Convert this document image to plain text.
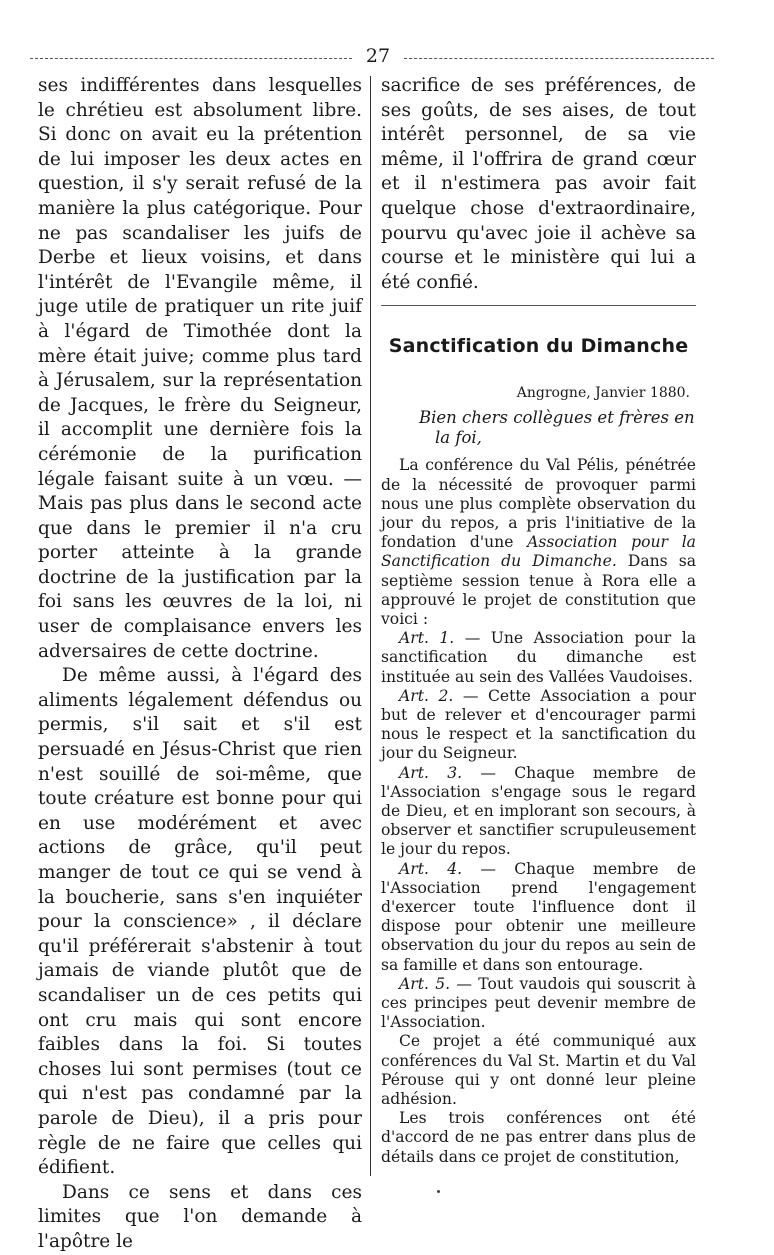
27

ses indifférentes dans lesquelles le chrétieu est absolument libre. Si donc on avait eu la prétention de lui imposer les deux actes en question, il s'y serait refusé de la manière la plus catégorique. Pour ne pas scandaliser les juifs de Derbe et lieux voisins, et dans l'intérêt de l'Evangile même, il juge utile de pratiquer un rite juif à l'égard de Timothée dont la mère était juive; comme plus tard à Jérusalem, sur la représentation de Jacques, le frère du Seigneur, il accomplit une dernière fois la cérémonie de la purification légale faisant suite à un vœu. — Mais pas plus dans le second acte que dans le premier il n'a cru porter atteinte à la grande doctrine de la justification par la foi sans les œuvres de la loi, ni user de complaisance envers les adversaires de cette doctrine.

De même aussi, à l'égard des aliments légalement défendus ou permis, s'il sait et s'il est persuadé en Jésus-Christ que rien n'est souillé de soi-même, que toute créature est bonne pour qui en use modérément et avec actions de grâce, qu'il peut manger de tout ce qui se vend à la boucherie, sans s'en inquiéter pour la conscience» , il déclare qu'il préférerait s'abstenir à tout jamais de viande plutôt que de scandaliser un de ces petits qui ont cru mais qui sont encore faibles dans la foi. Si toutes choses lui sont permises (tout ce qui n'est pas condamné par la parole de Dieu), il a pris pour règle de ne faire que celles qui édifient.

Dans ce sens et dans ces limites que l'on demande à l'apôtre le

sacrifice de ses préférences, de ses goûts, de ses aises, de tout intérêt personnel, de sa vie même, il l'offrira de grand cœur et il n'estimera pas avoir fait quelque chose d'extraordinaire, pourvu qu'avec joie il achève sa course et le ministère qui lui a été confié.
Sanctification du Dimanche
Angrogne, Janvier 1880.
Bien chers collègues et frères en
la foi,

La conférence du Val Pélis, pénétrée de la nécessité de provoquer parmi nous une plus complète observation du jour du repos, a pris l'initiative de la fondation d'une Association pour la Sanctification du Dimanche. Dans sa septième session tenue à Rora elle a approuvé le projet de constitution que voici :

Art. 1. — Une Association pour la sanctification du dimanche est instituée au sein des Vallées Vaudoises.

Art. 2. — Cette Association a pour but de relever et d'encourager parmi nous le respect et la sanctification du jour du Seigneur.

Art. 3. — Chaque membre de l'Association s'engage sous le regard de Dieu, et en implorant son secours, à observer et sanctifier scrupuleusement le jour du repos.

Art. 4. — Chaque membre de l'Association prend l'engagement d'exercer toute l'influence dont il dispose pour obtenir une meilleure observation du jour du repos au sein de sa famille et dans son entourage.

Art. 5. — Tout vaudois qui souscrit à ces principes peut devenir membre de l'Association.

Ce projet a été communiqué aux conférences du Val St. Martin et du Val Pérouse qui y ont donné leur pleine adhésion.

Les trois conférences ont été d'accord de ne pas entrer dans plus de détails dans ce projet de constitution,
